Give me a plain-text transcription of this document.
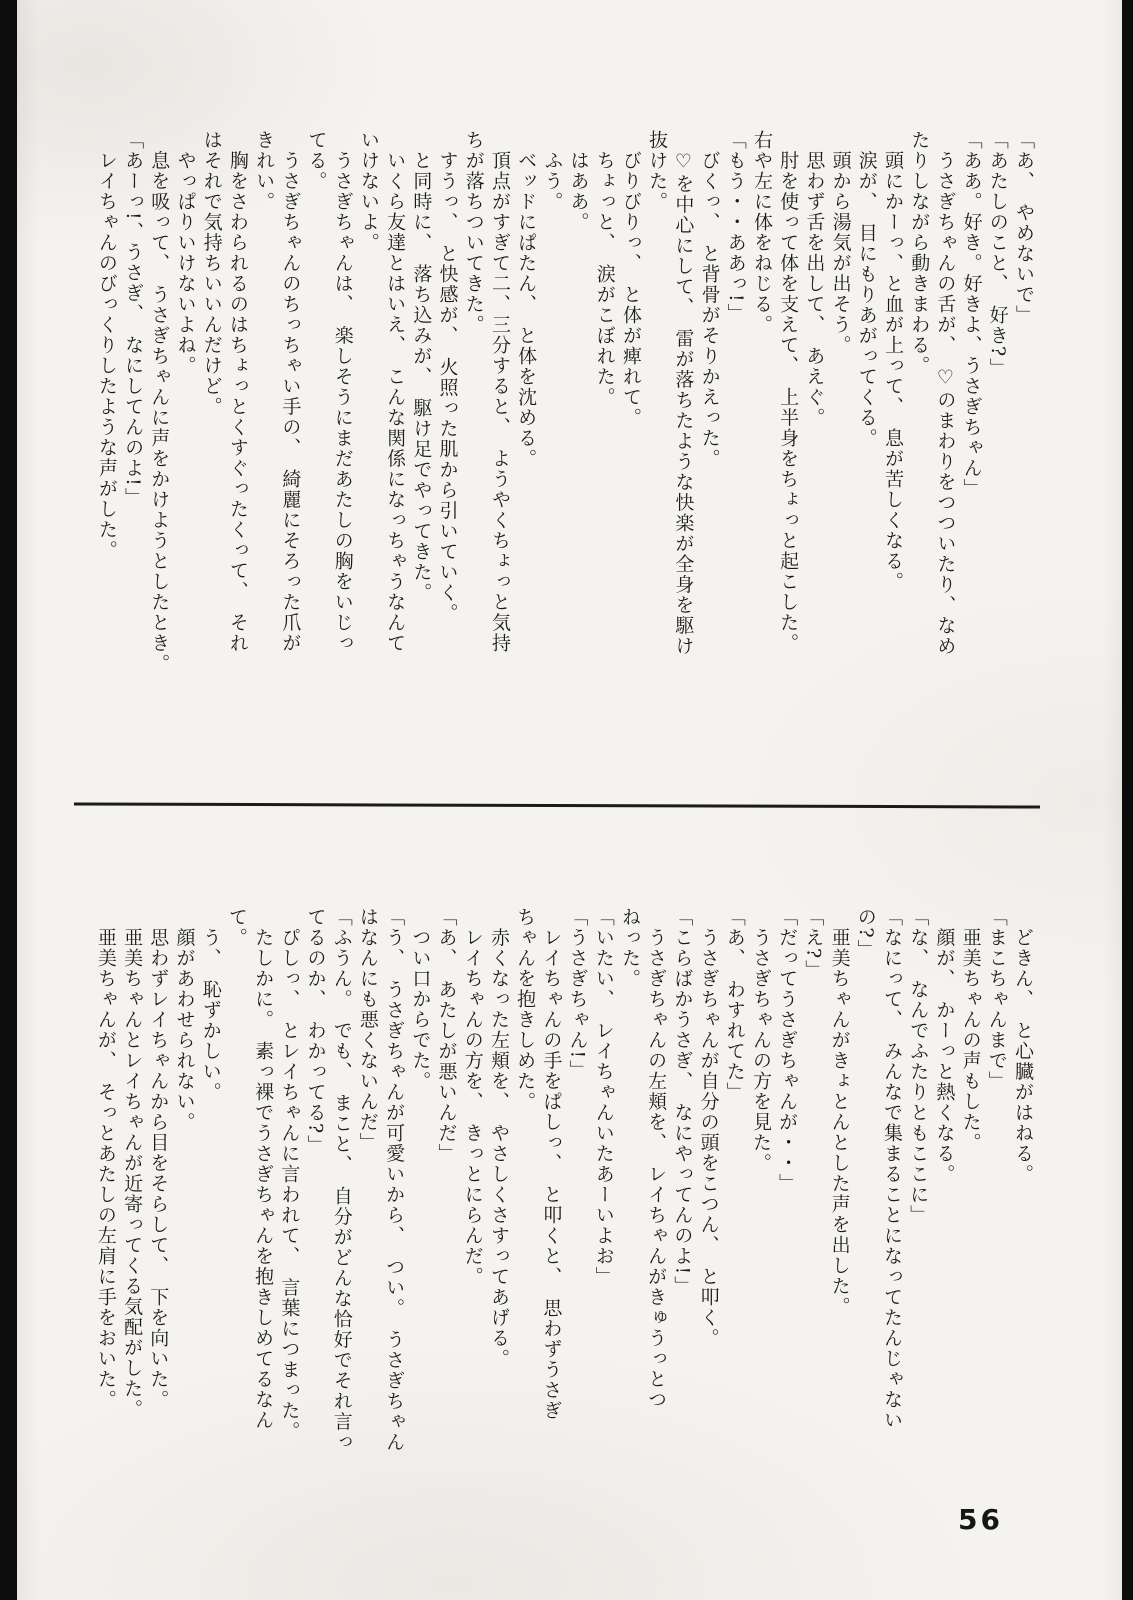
「あ、　やめないで」

「あたしのこと、　好き?」

「ああ。好き。好きよ、うさぎちゃん」

　うさぎちゃんの舌が、　♡のまわりをつついたり、なめ

たりしながら動きまわる。

　頭にかーっ、と血が上って、　息が苦しくなる。

　涙が、　目にもりあがってくる。

　頭から湯気が出そう。

　思わず舌を出して、　あえぐ。

　肘を使って体を支えて、　上半身をちょっと起こした。

右や左に体をねじる。

「もう・・ああっ!」

　びくっ、　と背骨がそりかえった。

　♡を中心にして、　雷が落ちたような快楽が全身を駆け

抜けた。

　びりびりっ、　と体が痺れて。

　ちょっと、　涙がこぼれた。

　はああ。

　ふう。

　ベッドにぱたん、　と体を沈める。

　頂点がすぎて二、三分すると、　ようやくちょっと気持

ちが落ちついてきた。

　すうっ、　と快感が、　火照った肌から引いていく。

　と同時に、　落ち込みが、　駆け足でやってきた。

　いくら友達とはいえ、　こんな関係になっちゃうなんて

いけないよ。

　うさぎちゃんは、　楽しそうにまだあたしの胸をいじっ

てる。

　うさぎちゃんのちっちゃい手の、　綺麗にそろった爪が

きれい。

　胸をさわられるのはちょっとくすぐったくって、　それ

はそれで気持ちいいんだけど。

　やっぱりいけないよね。

　息を吸って、　うさぎちゃんに声をかけようとしたとき。

「あーっ!、うさぎ、　なにしてんのよ!」

　レイちゃんのびっくりしたような声がした。

　どきん、　と心臓がはねる。

「まこちゃんまで」

　亜美ちゃんの声もした。

　顔が、　かーっと熱くなる。

「な、　なんでふたりともここに」

「なにって、　みんなで集まることになってたんじゃない

の?」

　亜美ちゃんがきょとんとした声を出した。

「え?」

「だってうさぎちゃんが・・」

　うさぎちゃんの方を見た。

「あ、　わすれてた」

　うさぎちゃんが自分の頭をこつん、　と叩く。

「こらばかうさぎ、　なにやってんのよ!」

　うさぎちゃんの左頬を、　レイちゃんがきゅうっとつ

ねった。

「いたい、　レイちゃんいたあーいよお」

「うさぎちゃん!」

　レイちゃんの手をぱしっ、　と叩くと、　思わずうさぎ

ちゃんを抱きしめた。

　赤くなった左頬を、　やさしくさすってあげる。

　レイちゃんの方を、　きっとにらんだ。

「あ、　あたしが悪いんだ」

　つい口からでた。

「う、　うさぎちゃんが可愛いから、　つい。　うさぎちゃん

はなんにも悪くないんだ」

「ふうん。　でも、　まこと、　自分がどんな恰好でそれ言っ

てるのか、　わかってる?」

　ぴしっ、　とレイちゃんに言われて、　言葉につまった。

　たしかに。　素っ裸でうさぎちゃんを抱きしめてるなん

て。

　う、　恥ずかしい。

　顔があわせられない。

　思わずレイちゃんから目をそらして、　下を向いた。

　亜美ちゃんとレイちゃんが近寄ってくる気配がした。

　亜美ちゃんが、　そっとあたしの左肩に手をおいた。

56
